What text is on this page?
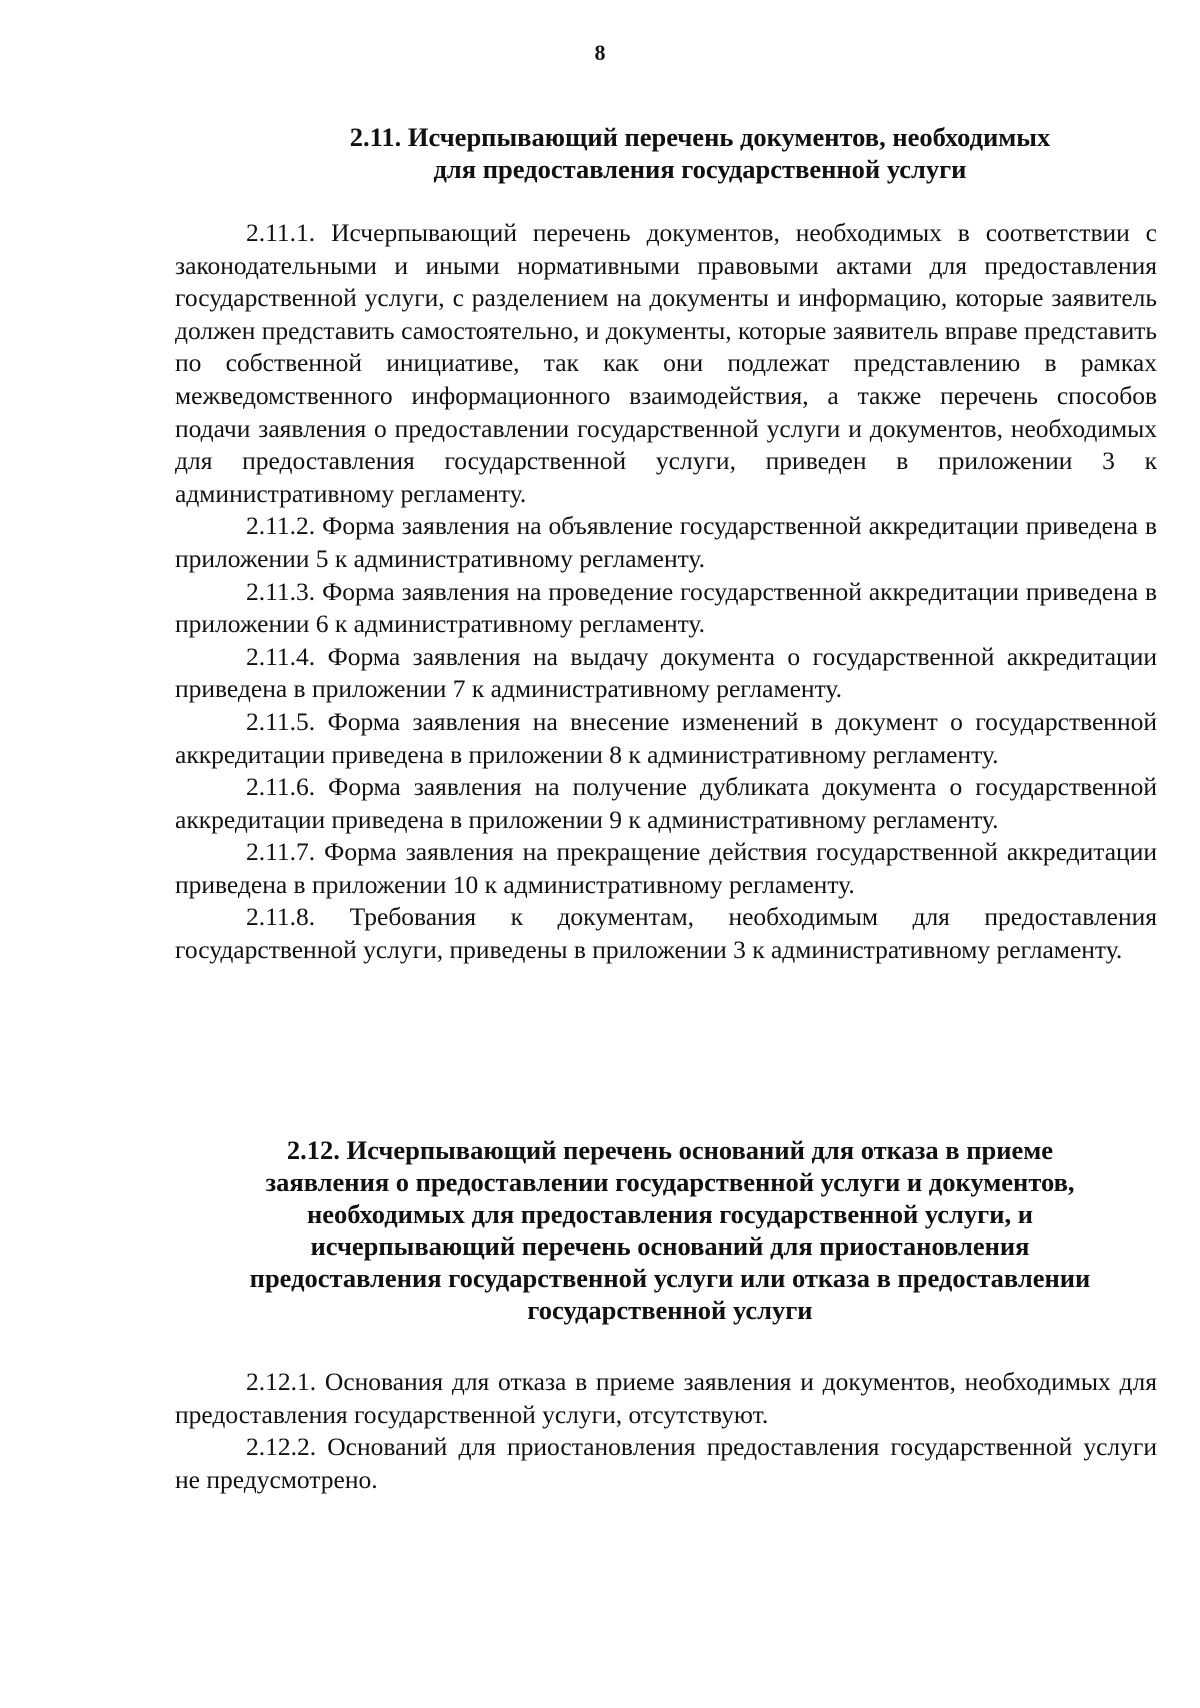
8
2.11. Исчерпывающий перечень документов, необходимых
для предоставления государственной услуги

2.11.1. Исчерпывающий перечень документов, необходимых в соответствии с законодательными и иными нормативными правовыми актами для предоставления государственной услуги, с разделением на документы и информацию, которые заявитель должен представить самостоятельно, и документы, которые заявитель вправе представить по собственной инициативе, так как они подлежат представлению в рамках межведомственного информационного взаимодействия, а также перечень способов подачи заявления о предоставлении государственной услуги и документов, необходимых для предоставления государственной услуги, приведен в приложении 3 к административному регламенту.

2.11.2. Форма заявления на объявление государственной аккредитации приведена в приложении 5 к административному регламенту.

2.11.3. Форма заявления на проведение государственной аккредитации приведена в приложении 6 к административному регламенту.

2.11.4. Форма заявления на выдачу документа о государственной аккредитации приведена в приложении 7 к административному регламенту.

2.11.5. Форма заявления на внесение изменений в документ о государственной аккредитации приведена в приложении 8 к административному регламенту.

2.11.6. Форма заявления на получение дубликата документа о государственной аккредитации приведена в приложении 9 к административному регламенту.

2.11.7. Форма заявления на прекращение действия государственной аккредитации приведена в приложении 10 к административному регламенту.

2.11.8. Требования к документам, необходимым для предоставления государственной услуги, приведены в приложении 3 к административному регламенту.

2.12. Исчерпывающий перечень оснований для отказа в приеме
заявления о предоставлении государственной услуги и документов,
необходимых для предоставления государственной услуги, и
исчерпывающий перечень оснований для приостановления
предоставления государственной услуги или отказа в предоставлении
государственной услуги

2.12.1. Основания для отказа в приеме заявления и документов, необходимых для предоставления государственной услуги, отсутствуют.

2.12.2. Оснований для приостановления предоставления государственной услуги не предусмотрено.
